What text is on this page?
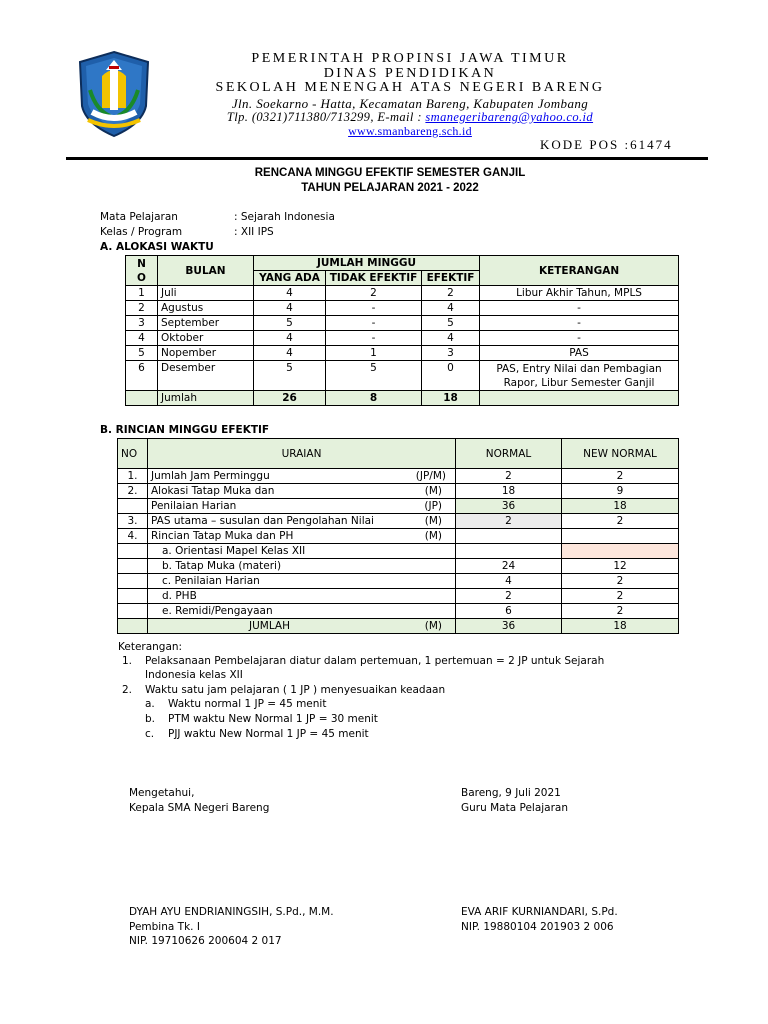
PEMERINTAH PROPINSI JAWA TIMUR
DINAS PENDIDIKAN
SEKOLAH MENENGAH ATAS NEGERI BARENG
Jln. Soekarno - Hatta, Kecamatan Bareng, Kabupaten Jombang
Tlp. (0321)711380/713299, E-mail : smanegeribareng@yahoo.co.id
www.smanbareng.sch.id
KODE POS :61474
RENCANA MINGGU EFEKTIF SEMESTER GANJIL
TAHUN PELAJARAN 2021 - 2022
Mata Pelajaran	: Sejarah Indonesia
Kelas / Program	: XII IPS
A. ALOKASI WAKTU
N
O	BULAN	JUMLAH MINGGU			KETERANGAN
		YANG ADA	TIDAK EFEKTIF	EFEKTIF	
1	Juli	4	2	2	Libur Akhir Tahun, MPLS
2	Agustus	4	-	4	-
3	September	5	-	5	-
4	Oktober	4	-	4	-
5	Nopember	4	1	3	PAS
6	Desember	5	5	0	PAS, Entry Nilai dan Pembagian
Rapor, Libur Semester Ganjil
	Jumlah	26	8	18	
B. RINCIAN MINGGU EFEKTIF
NO	URAIAN	NORMAL	NEW NORMAL
1.	Jumlah Jam Perminggu (JP/M)	2	2
2.	Alokasi Tatap Muka dan (M)	18	9

	Penilaian Harian (JP)	36	18
3.	PAS utama – susulan dan Pengolahan Nilai (M)	2	2
4.	Rincian Tatap Muka dan PH (M)		

	a. Orientasi Mapel Kelas XII		
	b. Tatap Muka (materi)	24	12
	c. Penilaian Harian	4	2
	d. PHB	2	2
	e. Remidi/Pengayaan	6	2

	JUMLAH (M)	36	18
Keterangan:
1. Pelaksanaan Pembelajaran diatur dalam pertemuan, 1 pertemuan = 2 JP untuk Sejarah
Indonesia kelas XII
2. Waktu satu jam pelajaran ( 1 JP ) menyesuaikan keadaan
a. Waktu normal 1 JP = 45 menit
b. PTM waktu New Normal 1 JP = 30 menit
c. PJJ waktu New Normal 1 JP = 45 menit
Mengetahui,
Kepala SMA Negeri Bareng
Bareng, 9 Juli 2021
Guru Mata Pelajaran
DYAH AYU ENDRIANINGSIH, S.Pd., M.M.
Pembina Tk. I
NIP. 19710626 200604 2 017
EVA ARIF KURNIANDARI, S.Pd.
NIP. 19880104 201903 2 006
